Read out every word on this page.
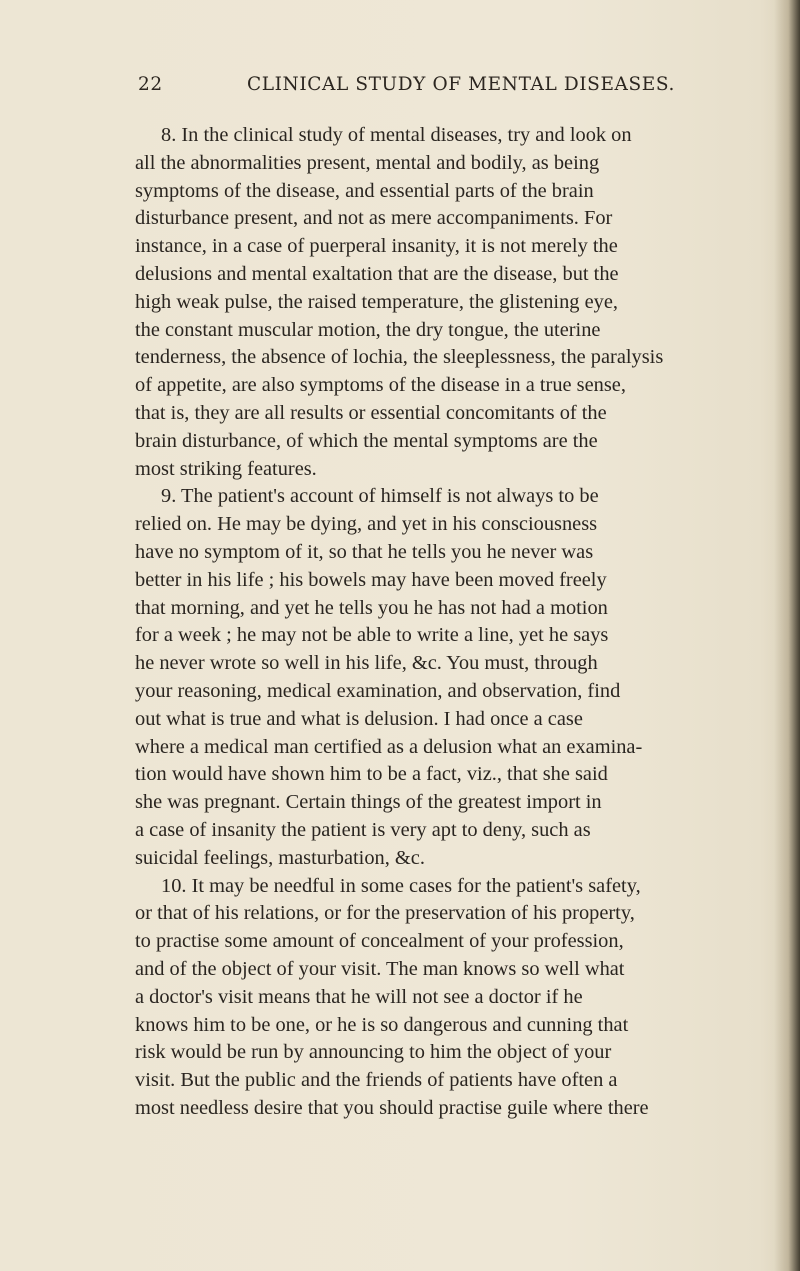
22	CLINICAL STUDY OF MENTAL DISEASES.
8. In the clinical study of mental diseases, try and look on
all the abnormalities present, mental and bodily, as being
symptoms of the disease, and essential parts of the brain
disturbance present, and not as mere accompaniments. For
instance, in a case of puerperal insanity, it is not merely the
delusions and mental exaltation that are the disease, but the
high weak pulse, the raised temperature, the glistening eye,
the constant muscular motion, the dry tongue, the uterine
tenderness, the absence of lochia, the sleeplessness, the paralysis
of appetite, are also symptoms of the disease in a true sense,
that is, they are all results or essential concomitants of the
brain disturbance, of which the mental symptoms are the
most striking features.
9. The patient's account of himself is not always to be
relied on. He may be dying, and yet in his consciousness
have no symptom of it, so that he tells you he never was
better in his life ; his bowels may have been moved freely
that morning, and yet he tells you he has not had a motion
for a week ; he may not be able to write a line, yet he says
he never wrote so well in his life, &c. You must, through
your reasoning, medical examination, and observation, find
out what is true and what is delusion. I had once a case
where a medical man certified as a delusion what an examina-
tion would have shown him to be a fact, viz., that she said
she was pregnant. Certain things of the greatest import in
a case of insanity the patient is very apt to deny, such as
suicidal feelings, masturbation, &c.
10. It may be needful in some cases for the patient's safety,
or that of his relations, or for the preservation of his property,
to practise some amount of concealment of your profession,
and of the object of your visit. The man knows so well what
a doctor's visit means that he will not see a doctor if he
knows him to be one, or he is so dangerous and cunning that
risk would be run by announcing to him the object of your
visit. But the public and the friends of patients have often a
most needless desire that you should practise guile where there
